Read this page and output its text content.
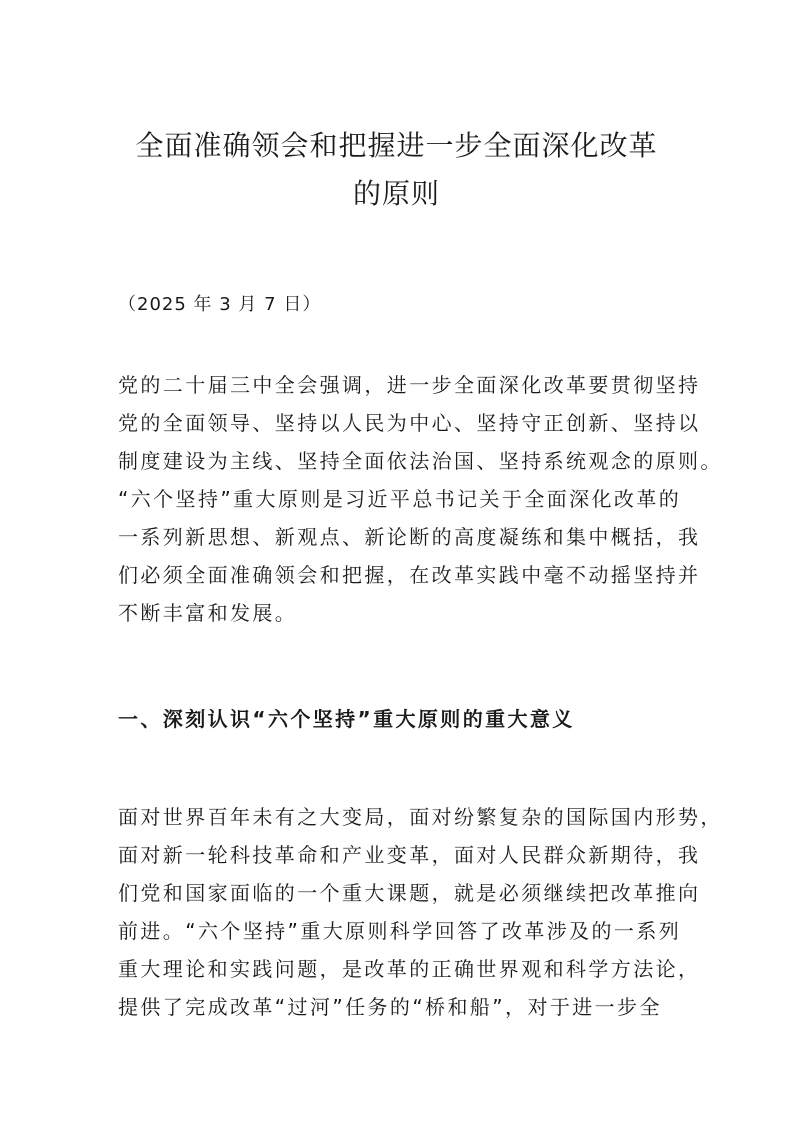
全面准确领会和把握进一步全面深化改革
的原则

（2025 年 3 月 7 日）

党的二十届三中全会强调，进一步全面深化改革要贯彻坚持
党的全面领导、坚持以人民为中心、坚持守正创新、坚持以
制度建设为主线、坚持全面依法治国、坚持系统观念的原则。
“六个坚持”重大原则是习近平总书记关于全面深化改革的
一系列新思想、新观点、新论断的高度凝练和集中概括，我
们必须全面准确领会和把握，在改革实践中毫不动摇坚持并
不断丰富和发展。
一、深刻认识“六个坚持”重大原则的重大意义
面对世界百年未有之大变局，面对纷繁复杂的国际国内形势，
面对新一轮科技革命和产业变革，面对人民群众新期待，我
们党和国家面临的一个重大课题，就是必须继续把改革推向
前进。“六个坚持”重大原则科学回答了改革涉及的一系列
重大理论和实践问题，是改革的正确世界观和科学方法论，
提供了完成改革“过河”任务的“桥和船”，对于进一步全
